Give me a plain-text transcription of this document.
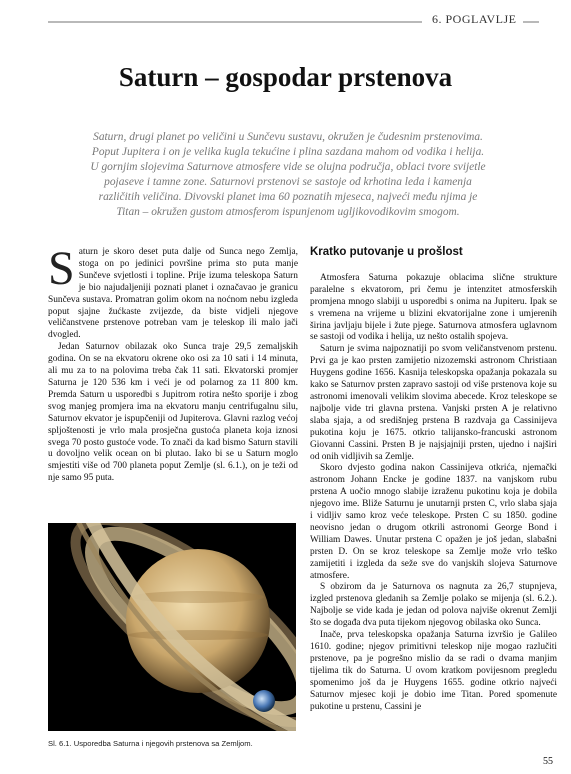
6. POGLAVLJE
Saturn – gospodar prstenova
Saturn, drugi planet po veličini u Sunčevu sustavu, okružen je čudesnim prstenovima. Poput Jupitera i on je velika kugla tekućine i plina sazdana mahom od vodika i helija. U gornjim slojevima Saturnove atmosfere vide se olujna područja, oblaci tvore svijetle pojaseve i tamne zone. Saturnovi prstenovi se sastoje od krhotina leda i kamenja različitih veličina. Divovski planet ima 60 poznatih mjeseca, najveći među njima je Titan – okružen gustom atmosferom ispunjenom ugljikovodikovim smogom.

Saturn je skoro deset puta dalje od Sunca nego Zemlja, stoga on po jedinici površine prima sto puta manje Sunčeve svjetlosti i topline. Prije izuma teleskopa Saturn je bio najudaljeniji poznati planet i označavao je granicu Sunčeva sustava. Promatran golim okom na noćnom nebu izgleda poput sjajne žućkaste zvijezde, da biste vidjeli njegove veličanstvene prstenove potreban vam je teleskop ili malo jači dvogled.

Jedan Saturnov obilazak oko Sunca traje 29,5 zemaljskih godina. On se na ekvatoru okrene oko osi za 10 sati i 14 minuta, ali mu za to na polovima treba čak 11 sati. Ekvatorski promjer Saturna je 120 536 km i veći je od polarnog za 11 800 km. Premda Saturn u usporedbi s Jupitrom rotira nešto sporije i zbog svog manjeg promjera ima na ekvatoru manju centrifugalnu silu, Saturnov ekvator je ispupčeniji od Jupiterova. Glavni razlog većoj spljoštenosti je vrlo mala prosječna gustoća planeta koja iznosi svega 70 posto gustoće vode. To znači da kad bismo Saturn stavili u dovoljno velik ocean on bi plutao. Iako bi se u Saturn moglo smjestiti više od 700 planeta poput Zemlje (sl. 6.1.), on je teži od nje samo 95 puta.

Sl. 6.1. Usporedba Saturna i njegovih prstenova sa Zemljom.
Kratko putovanje u prošlost

Atmosfera Saturna pokazuje oblacima slične strukture paralelne s ekvatorom, pri čemu je intenzitet atmosferskih promjena mnogo slabiji u usporedbi s onima na Jupiteru. Ipak se s vremena na vrijeme u blizini ekvatorijalne zone i umjerenih širina javljaju bijele i žute pjege. Saturnova atmosfera uglavnom se sastoji od vodika i helija, uz nešto ostalih spojeva.

Saturn je svima najpoznatiji po svom veličanstvenom prstenu. Prvi ga je kao prsten zamijetio nizozemski astronom Christiaan Huygens godine 1656. Kasnija teleskopska opažanja pokazala su kako se Saturnov prsten zapravo sastoji od više prstenova koje su astronomi imenovali velikim slovima abecede. Kroz teleskope se najbolje vide tri glavna prstena. Vanjski prsten A je relativno slaba sjaja, a od središnjeg prstena B razdvaja ga Cassinijeva pukotina koju je 1675. otkrio talijansko-francuski astronom Giovanni Cassini. Prsten B je najsjajniji prsten, ujedno i najširi od onih vidljivih sa Zemlje.

Skoro dvjesto godina nakon Cassinijeva otkrića, njemački astronom Johann Encke je godine 1837. na vanjskom rubu prstena A uočio mnogo slabije izraženu pukotinu koja je dobila njegovo ime. Bliže Saturnu je unutarnji prsten C, vrlo slaba sjaja i vidljiv samo kroz veće teleskope. Prsten C su 1850. godine neovisno jedan o drugom otkrili astronomi George Bond i William Dawes. Unutar prstena C opažen je još jedan, slabašni prsten D. On se kroz teleskope sa Zemlje može vrlo teško zamijetiti i izgleda da seže sve do vanjskih slojeva Saturnove atmosfere.

S obzirom da je Saturnova os nagnuta za 26,7 stupnjeva, izgled prstenova gledanih sa Zemlje polako se mijenja (sl. 6.2.). Najbolje se vide kada je jedan od polova najviše okrenut Zemlji što se događa dva puta tijekom njegovog obilaska oko Sunca.

Inače, prva teleskopska opažanja Saturna izvršio je Galileo 1610. godine; njegov primitivni teleskop nije mogao razlučiti prstenove, pa je pogrešno mislio da se radi o dvama manjim tijelima tik do Saturna. U ovom kratkom povijesnom pregledu spomenimo još da je Huygens 1655. godine otkrio najveći Saturnov mjesec koji je dobio ime Titan. Pored spomenute pukotine u prstenu, Cassini je

55
